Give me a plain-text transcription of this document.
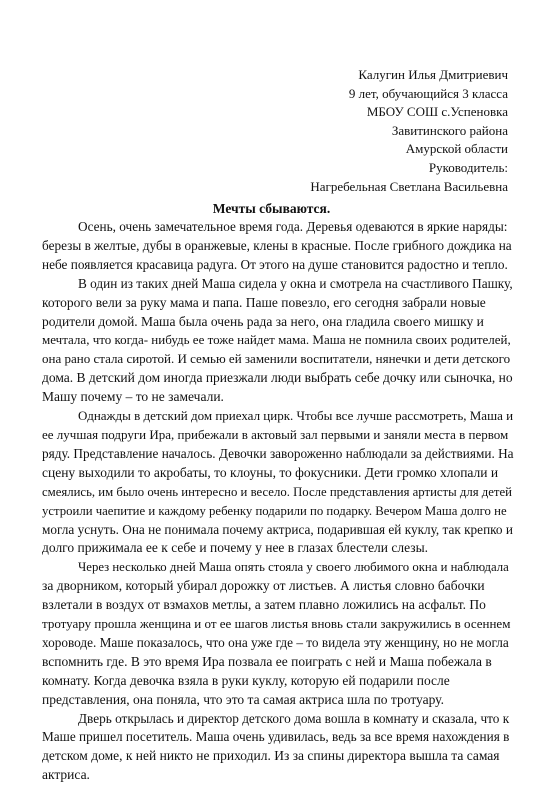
Калугин Илья Дмитриевич
9 лет, обучающийся 3 класса
МБОУ СОШ с.Успеновка
Завитинского района
Амурской области
Руководитель:
Нагребельная Светлана Васильевна
Мечты сбываются.
Осень, очень замечательное время года. Деревья одеваются в яркие наряды:
березы в желтые, дубы в оранжевые, клены в красные. После грибного дождика на
небе появляется красавица радуга. От этого на душе становится радостно и тепло.
В один из таких дней Маша сидела у окна и смотрела на счастливого Пашку,
которого вели за руку мама и папа. Паше повезло, его сегодня забрали новые
родители домой. Маша была очень рада за него, она гладила своего мишку и
мечтала, что когда- нибудь ее тоже найдет мама. Маша не помнила своих родителей,
она рано стала сиротой. И семью ей заменили воспитатели, нянечки и дети детского
дома. В детский дом иногда приезжали люди выбрать себе дочку или сыночка, но
Машу почему – то не замечали.
Однажды в детский дом приехал цирк. Чтобы все лучше рассмотреть, Маша и
ее лучшая подруги Ира, прибежали в актовый зал первыми и заняли места в первом
ряду. Представление началось. Девочки завороженно наблюдали за действиями. На
сцену выходили то акробаты, то клоуны, то фокусники. Дети громко хлопали и
смеялись, им было очень интересно и весело. После представления артисты для детей
устроили чаепитие и каждому ребенку подарили по подарку. Вечером Маша долго не
могла уснуть. Она не понимала почему актриса, подарившая ей куклу, так крепко и
долго прижимала ее к себе и почему у нее в глазах блестели слезы.
Через несколько дней Маша опять стояла у своего любимого окна и наблюдала
за дворником, который убирал дорожку от листьев. А листья словно бабочки
взлетали в воздух от взмахов метлы, а затем плавно ложились на асфальт. По
тротуару прошла женщина и от ее шагов листья вновь стали закружились в осеннем
хороводе. Маше показалось, что она уже где – то видела эту женщину, но не могла
вспомнить где. В это время Ира позвала ее поиграть с ней и Маша побежала в
комнату. Когда девочка взяла в руки куклу, которую ей подарили после
представления, она поняла, что это та самая актриса шла по тротуару.
Дверь открылась и директор детского дома вошла в комнату и сказала, что к
Маше пришел посетитель. Маша очень удивилась, ведь за все время нахождения в
детском доме, к ней никто не приходил. Из за спины директора вышла та самая
актриса.
